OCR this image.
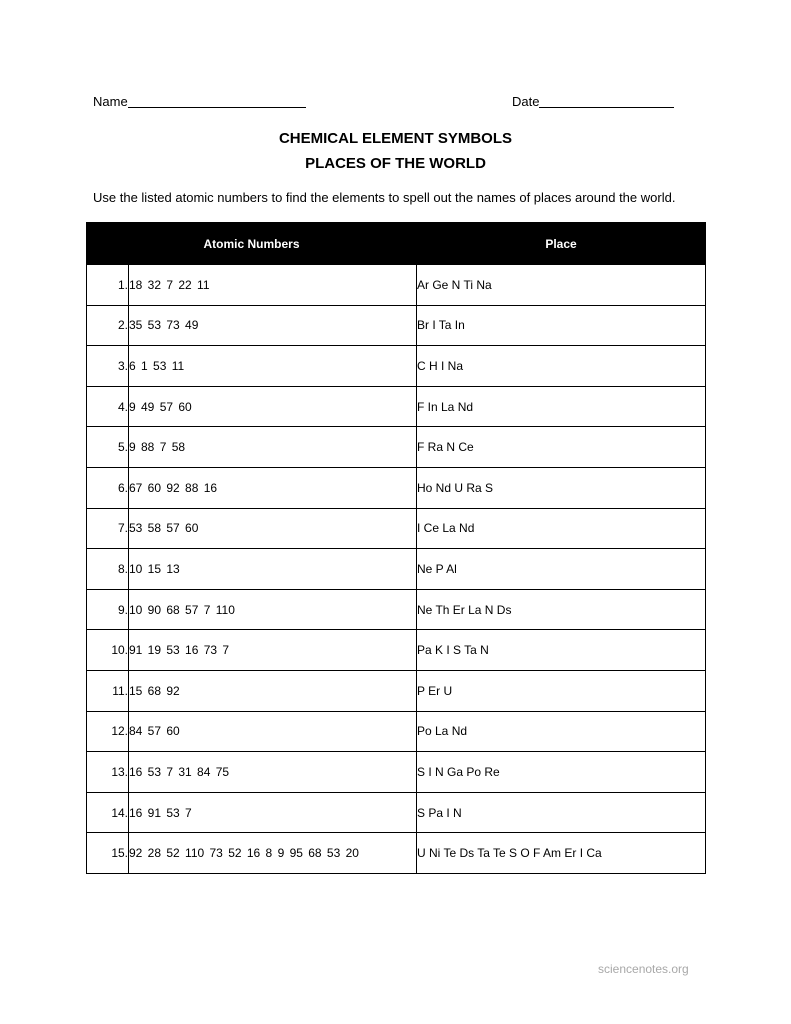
Name	Date
CHEMICAL ELEMENT SYMBOLS
PLACES OF THE WORLD
Use the listed atomic numbers to find the elements to spell out the names of places around the world.
Atomic Numbers		Place
1.	18 32 7 22 11	Ar Ge N Ti Na
2.	35 53 73 49	Br I Ta In
3.	6 1 53 11	C H I Na
4.	9 49 57 60	F In La Nd
5.	9 88 7 58	F Ra N Ce
6.	67 60 92 88 16	Ho Nd U Ra S
7.	53 58 57 60	I Ce La Nd
8.	10 15 13	Ne P Al
9.	10 90 68 57 7 110	Ne Th Er La N Ds
10.	91 19 53 16 73 7	Pa K I S Ta N
11.	15 68 92	P Er U
12.	84 57 60	Po La Nd
13.	16 53 7 31 84 75	S I N Ga Po Re
14.	16 91 53 7	S Pa I N
15.	92 28 52 110 73 52 16 8 9 95 68 53 20	U Ni Te Ds Ta Te S O F Am Er I Ca
sciencenotes.org
